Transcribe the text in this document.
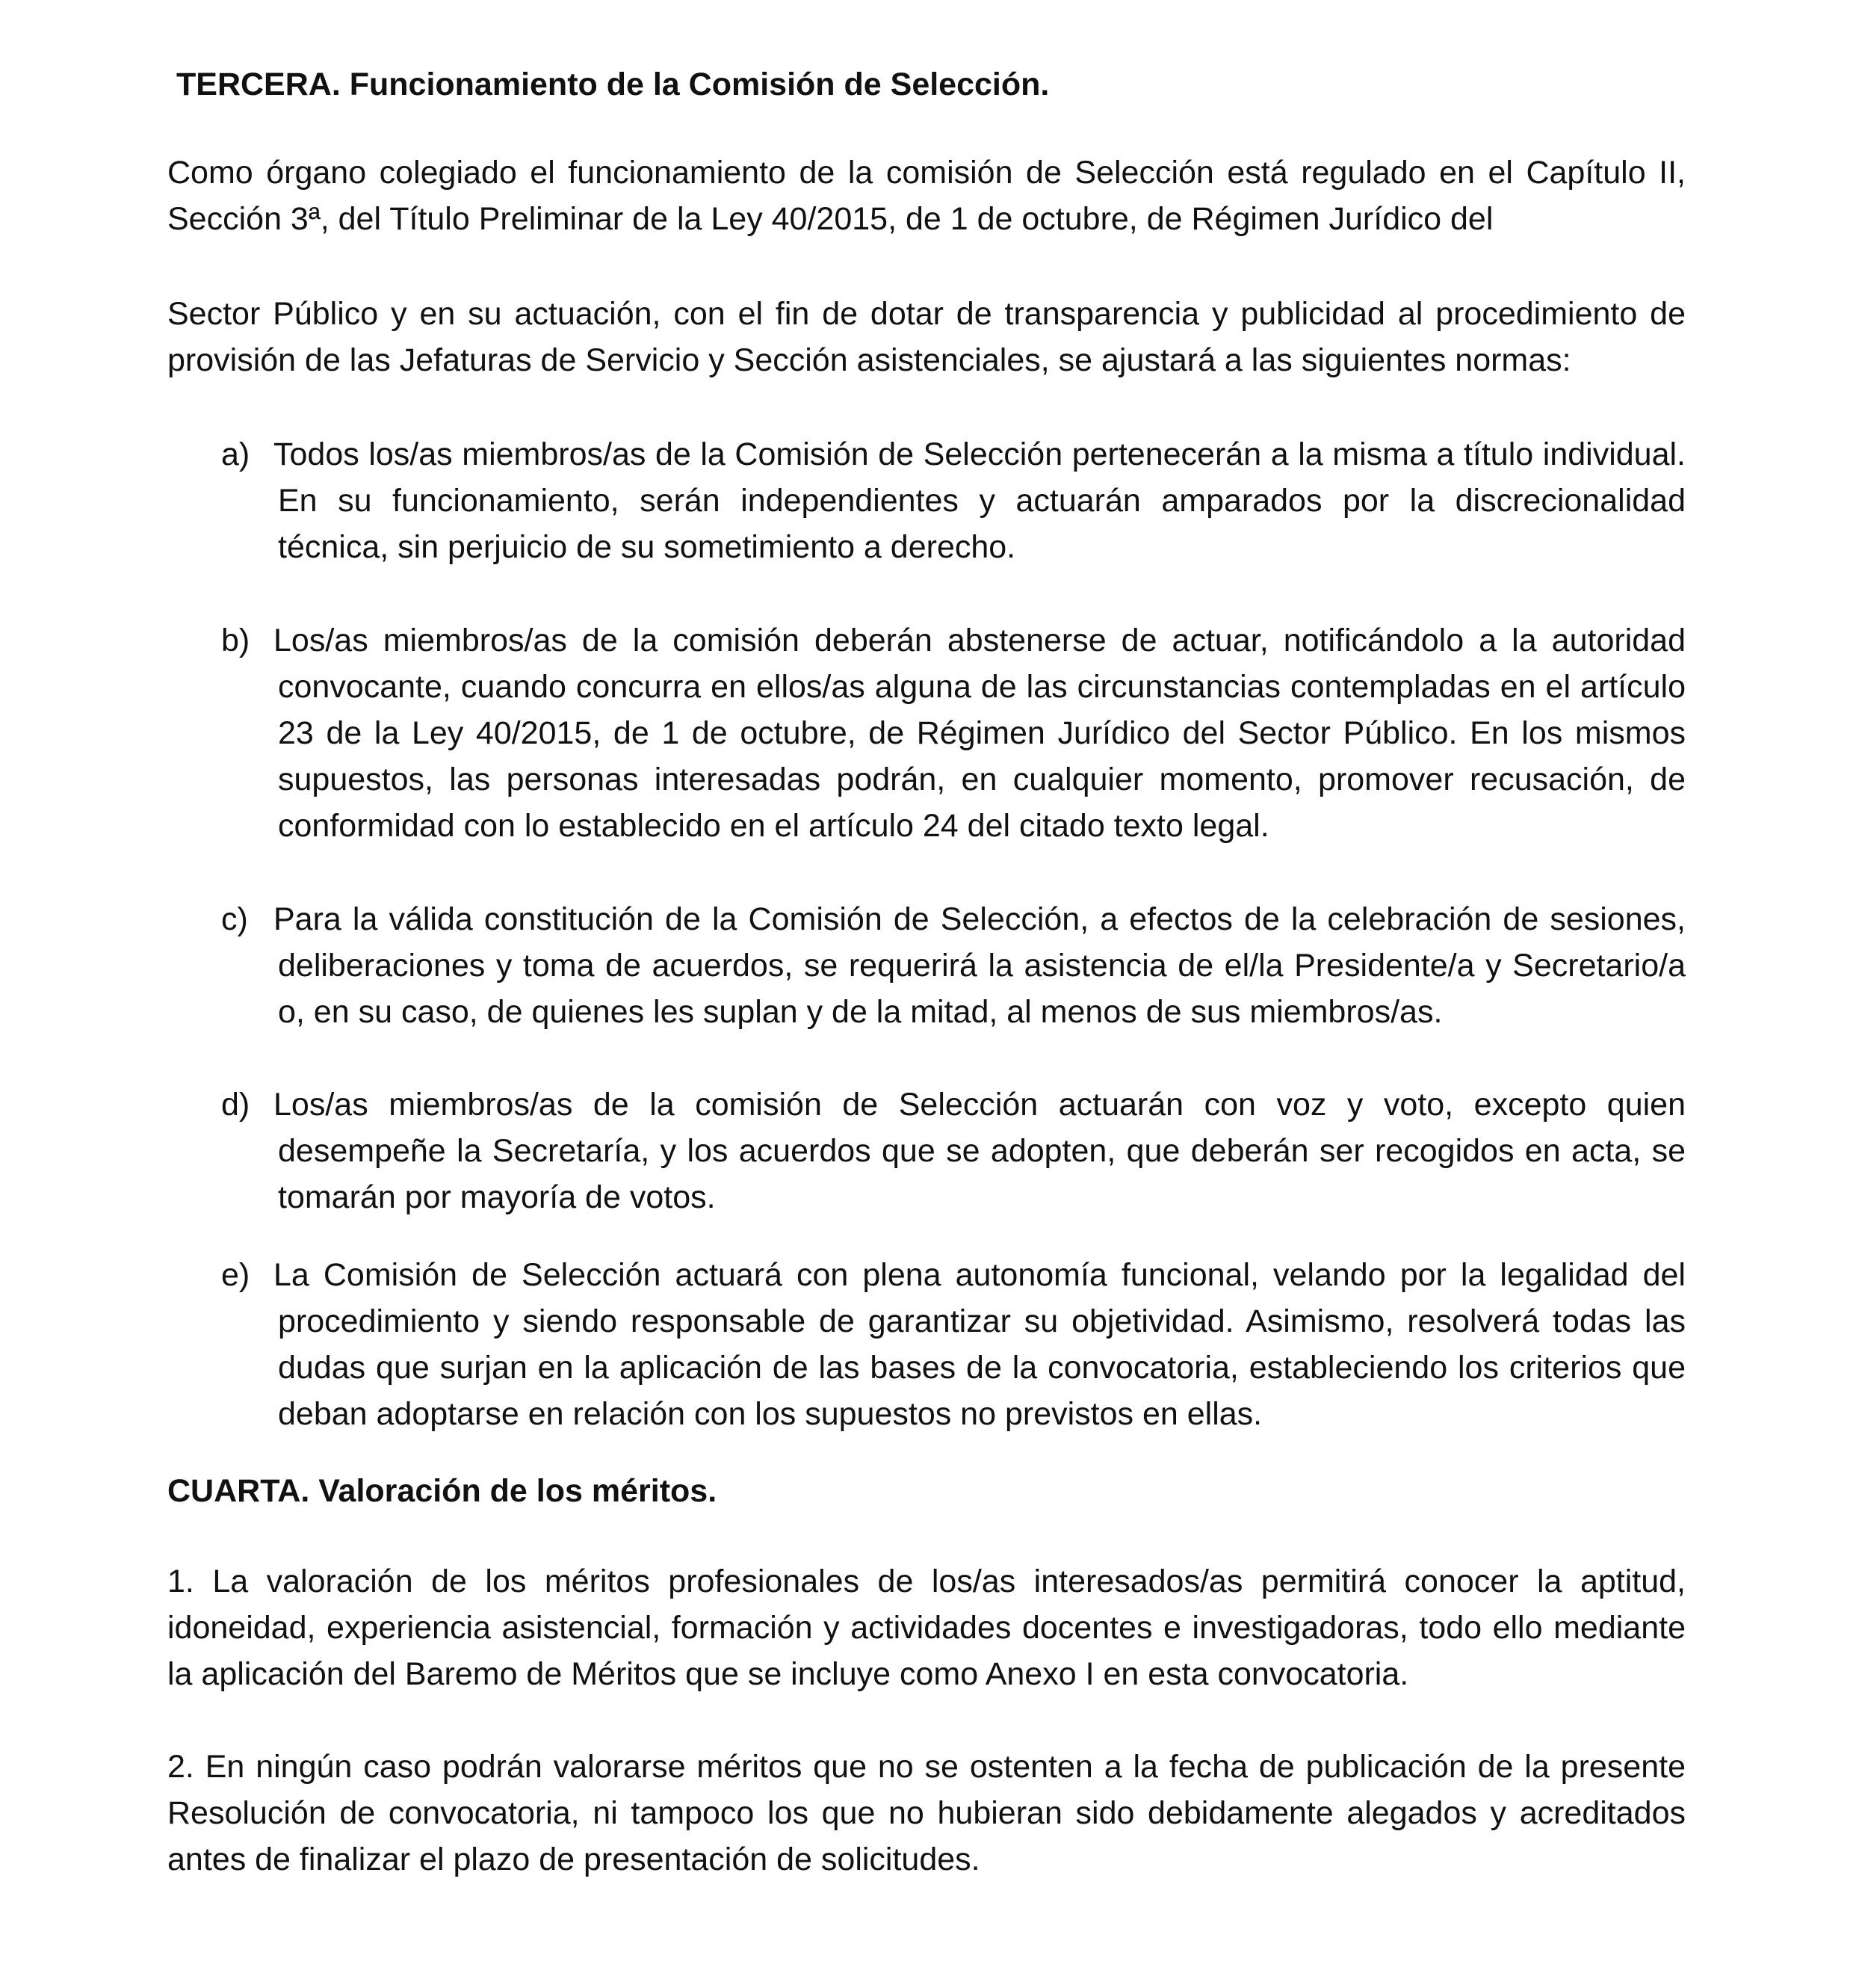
TERCERA. Funcionamiento de la Comisión de Selección.

Como órgano colegiado el funcionamiento de la comisión de Selección está regulado en el Capítulo II, Sección 3ª, del Título Preliminar de la Ley 40/2015, de 1 de octubre, de Régimen Jurídico del

Sector Público y en su actuación, con el fin de dotar de transparencia y publicidad al procedimiento de provisión de las Jefaturas de Servicio y Sección asistenciales, se ajustará a las siguientes normas:

a) Todos los/as miembros/as de la Comisión de Selección pertenecerán a la misma a título individual. En su funcionamiento, serán independientes y actuarán amparados por la discrecionalidad técnica, sin perjuicio de su sometimiento a derecho.
b) Los/as miembros/as de la comisión deberán abstenerse de actuar, notificándolo a la autoridad convocante, cuando concurra en ellos/as alguna de las circunstancias contempladas en el artículo 23 de la Ley 40/2015, de 1 de octubre, de Régimen Jurídico del Sector Público. En los mismos supuestos, las personas interesadas podrán, en cualquier momento, promover recusación, de conformidad con lo establecido en el artículo 24 del citado texto legal.
c) Para la válida constitución de la Comisión de Selección, a efectos de la celebración de sesiones, deliberaciones y toma de acuerdos, se requerirá la asistencia de el/la Presidente/a y Secretario/a o, en su caso, de quienes les suplan y de la mitad, al menos de sus miembros/as.
d) Los/as miembros/as de la comisión de Selección actuarán con voz y voto, excepto quien desempeñe la Secretaría, y los acuerdos que se adopten, que deberán ser recogidos en acta, se tomarán por mayoría de votos.
e) La Comisión de Selección actuará con plena autonomía funcional, velando por la legalidad del procedimiento y siendo responsable de garantizar su objetividad. Asimismo, resolverá todas las dudas que surjan en la aplicación de las bases de la convocatoria, estableciendo los criterios que deban adoptarse en relación con los supuestos no previstos en ellas.
CUARTA. Valoración de los méritos.

1. La valoración de los méritos profesionales de los/as interesados/as permitirá conocer la aptitud, idoneidad, experiencia asistencial, formación y actividades docentes e investigadoras, todo ello mediante la aplicación del Baremo de Méritos que se incluye como Anexo I en esta convocatoria.

2. En ningún caso podrán valorarse méritos que no se ostenten a la fecha de publicación de la presente Resolución de convocatoria, ni tampoco los que no hubieran sido debidamente alegados y acreditados antes de finalizar el plazo de presentación de solicitudes.
